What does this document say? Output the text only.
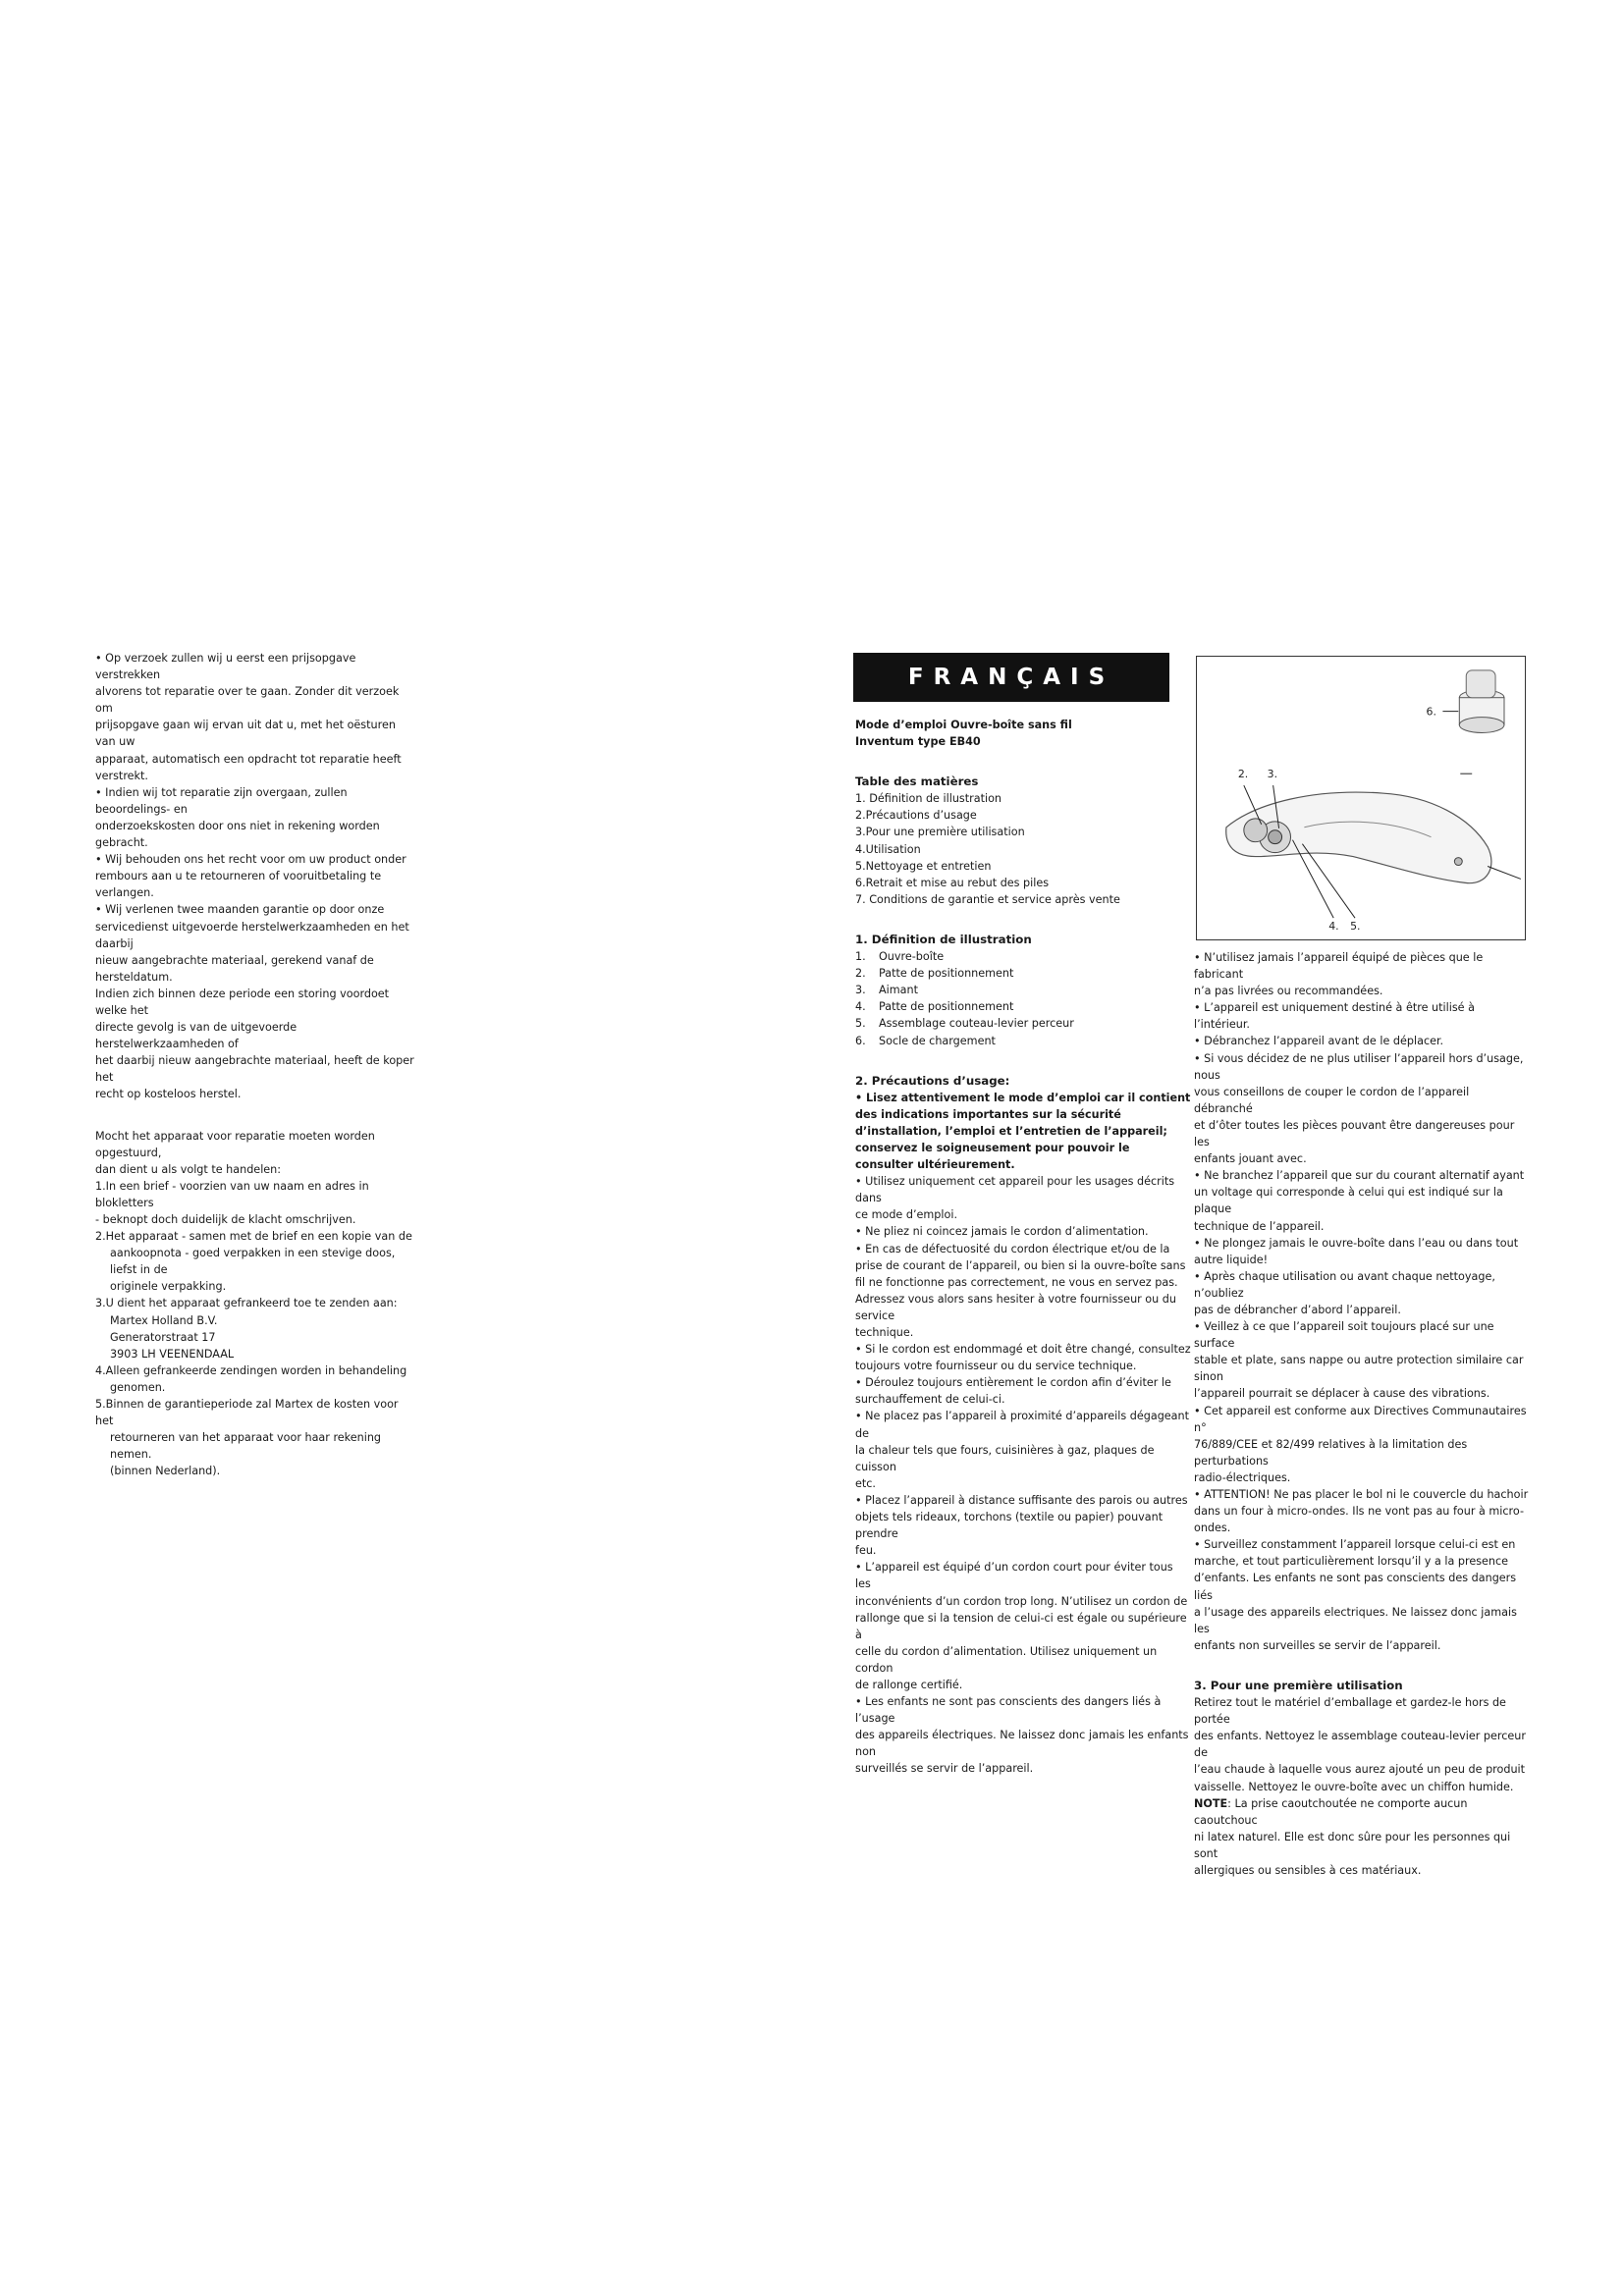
• Op verzoek zullen wij u eerst een prijsopgave verstrekken

alvorens tot reparatie over te gaan. Zonder dit verzoek om

prijsopgave gaan wij ervan uit dat u, met het oësturen van uw

apparaat, automatisch een opdracht tot reparatie heeft verstrekt.

• Indien wij tot reparatie zijn overgaan, zullen beoordelings- en

onderzoekskosten door ons niet in rekening worden gebracht.

• Wij behouden ons het recht voor om uw product onder

rembours aan u te retourneren of vooruitbetaling te verlangen.

• Wij verlenen twee maanden garantie op door onze

servicedienst uitgevoerde herstelwerkzaamheden en het daarbij

nieuw aangebrachte materiaal, gerekend vanaf de hersteldatum.

Indien zich binnen deze periode een storing voordoet welke het

directe gevolg is van de uitgevoerde herstelwerkzaamheden of

het daarbij nieuw aangebrachte materiaal, heeft de koper het

recht op kosteloos herstel.

Mocht het apparaat voor reparatie moeten worden opgestuurd,

dan dient u als volgt te handelen:

1.In een brief - voorzien van uw naam en adres in blokletters

- beknopt doch duidelijk de klacht omschrijven.

2.Het apparaat - samen met de brief en een kopie van de

aankoopnota - goed verpakken in een stevige doos, liefst in de

originele verpakking.

3.U dient het apparaat gefrankeerd toe te zenden aan:

Martex Holland B.V.

Generatorstraat 17

3903 LH VEENENDAAL

4.Alleen gefrankeerde zendingen worden in behandeling

genomen.

5.Binnen de garantieperiode zal Martex de kosten voor het

retourneren van het apparaat voor haar rekening nemen.

(binnen Nederland).

FRANÇAIS

Mode d’emploi Ouvre-boîte sans fil

Inventum type EB40

Table des matières

1. Définition de illustration

2.Précautions d’usage

3.Pour une première utilisation

4.Utilisation

5.Nettoyage et entretien

6.Retrait et mise au rebut des piles

7. Conditions de garantie et service après vente

1. Définition de illustration

1. Ouvre-boîte

2. Patte de positionnement

3. Aimant

4. Patte de positionnement

5. Assemblage couteau-levier perceur

6. Socle de chargement

2. Précautions d’usage:

• Lisez attentivement le mode d’emploi car il contient

des indications importantes sur la sécurité

d’installation, l’emploi et l’entretien de l’appareil;

conservez le soigneusement pour pouvoir le

consulter ultérieurement.

• Utilisez uniquement cet appareil pour les usages décrits dans

ce mode d’emploi.

• Ne pliez ni coincez jamais le cordon d’alimentation.

• En cas de défectuosité du cordon électrique et/ou de la

prise de courant de l’appareil, ou bien si la ouvre-boîte sans

fil ne fonctionne pas correctement, ne vous en servez pas.

Adressez vous alors sans hesiter à votre fournisseur ou du service

technique.

• Si le cordon est endommagé et doit être changé, consultez

toujours votre fournisseur ou du service technique.

• Déroulez toujours entièrement le cordon afin d’éviter le

surchauffement de celui-ci.

• Ne placez pas l’appareil à proximité d’appareils dégageant de

la chaleur tels que fours, cuisinières à gaz, plaques de cuisson

etc.

• Placez l’appareil à distance suffisante des parois ou autres

objets tels rideaux, torchons (textile ou papier) pouvant prendre

feu.

• L’appareil est équipé d’un cordon court pour éviter tous les

inconvénients d’un cordon trop long. N’utilisez un cordon de

rallonge que si la tension de celui-ci est égale ou supérieure à

celle du cordon d’alimentation. Utilisez uniquement un cordon

de rallonge certifié.

• Les enfants ne sont pas conscients des dangers liés à l’usage

des appareils électriques. Ne laissez donc jamais les enfants non

surveillés se servir de l’appareil.

6.
2. 3.
4. 5.

• N’utilisez jamais l’appareil équipé de pièces que le fabricant

n’a pas livrées ou recommandées.

• L’appareil est uniquement destiné à être utilisé à l’intérieur.

• Débranchez l’appareil avant de le déplacer.

• Si vous décidez de ne plus utiliser l’appareil hors d’usage, nous

vous conseillons de couper le cordon de l’appareil débranché

et d’ôter toutes les pièces pouvant être dangereuses pour les

enfants jouant avec.

• Ne branchez l’appareil que sur du courant alternatif ayant

un voltage qui corresponde à celui qui est indiqué sur la plaque

technique de l’appareil.

• Ne plongez jamais le ouvre-boîte dans l’eau ou dans tout

autre liquide!

• Après chaque utilisation ou avant chaque nettoyage, n’oubliez

pas de débrancher d’abord l’appareil.

• Veillez à ce que l’appareil soit toujours placé sur une surface

stable et plate, sans nappe ou autre protection similaire car sinon

l’appareil pourrait se déplacer à cause des vibrations.

• Cet appareil est conforme aux Directives Communautaires n°

76/889/CEE et 82/499 relatives à la limitation des perturbations

radio-électriques.

• ATTENTION! Ne pas placer le bol ni le couvercle du hachoir

dans un four à micro-ondes. Ils ne vont pas au four à micro-

ondes.

• Surveillez constamment l’appareil lorsque celui-ci est en

marche, et tout particulièrement lorsqu’il y a la presence

d’enfants. Les enfants ne sont pas conscients des dangers liés

a l’usage des appareils electriques. Ne laissez donc jamais les

enfants non surveilles se servir de l’appareil.

3. Pour une première utilisation

Retirez tout le matériel d’emballage et gardez-le hors de portée

des enfants. Nettoyez le assemblage couteau-levier perceur de

l’eau chaude à laquelle vous aurez ajouté un peu de produit

vaisselle. Nettoyez le ouvre-boîte avec un chiffon humide.

NOTE: La prise caoutchoutée ne comporte aucun caoutchouc

ni latex naturel. Elle est donc sûre pour les personnes qui sont

allergiques ou sensibles à ces matériaux.
